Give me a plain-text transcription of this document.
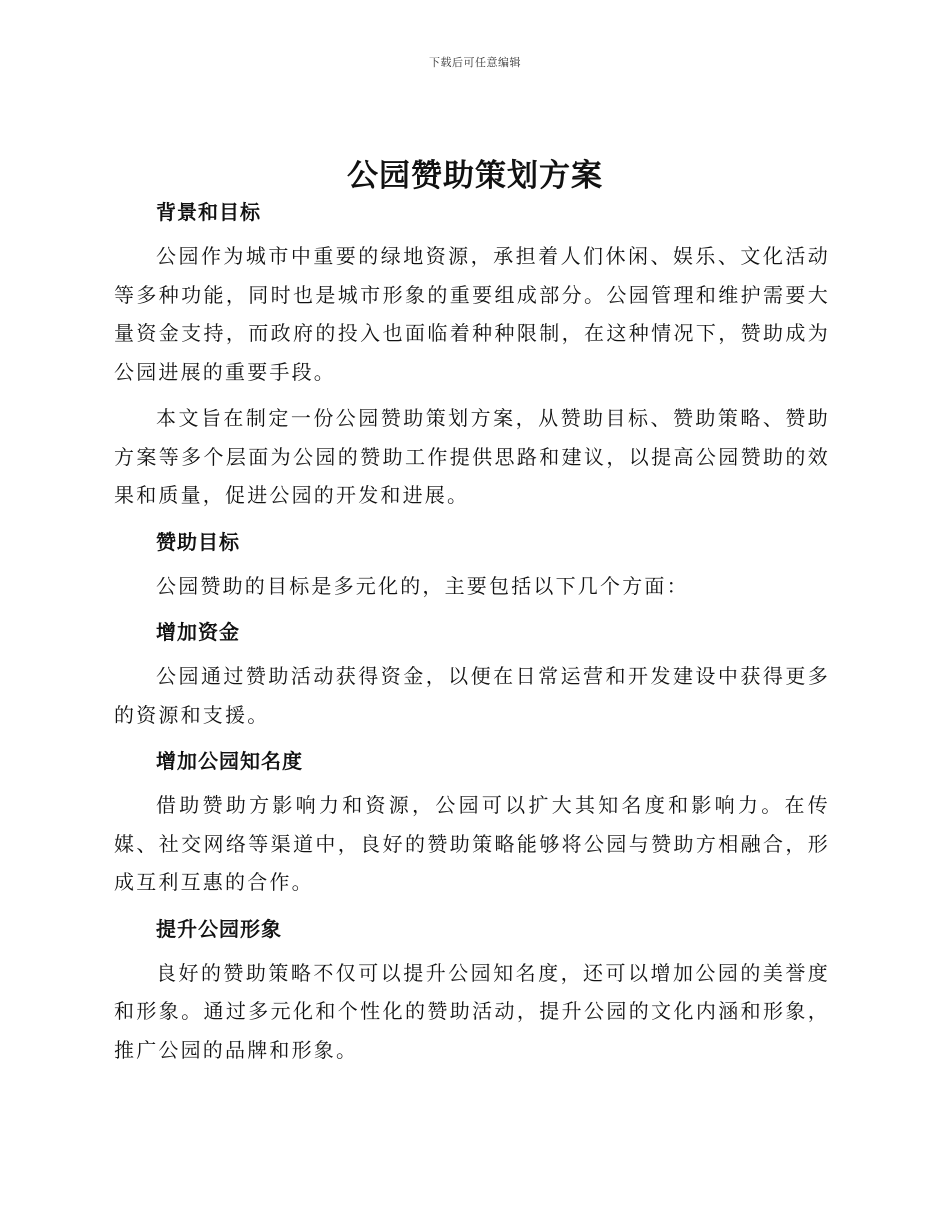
下载后可任意编辑
公园赞助策划方案
背景和目标

公园作为城市中重要的绿地资源，承担着人们休闲、娱乐、文化活动等多种功能，同时也是城市形象的重要组成部分。公园管理和维护需要大量资金支持，而政府的投入也面临着种种限制，在这种情况下，赞助成为公园进展的重要手段。

本文旨在制定一份公园赞助策划方案，从赞助目标、赞助策略、赞助方案等多个层面为公园的赞助工作提供思路和建议，以提高公园赞助的效果和质量，促进公园的开发和进展。

赞助目标

公园赞助的目标是多元化的，主要包括以下几个方面：

增加资金

公园通过赞助活动获得资金，以便在日常运营和开发建设中获得更多的资源和支援。

增加公园知名度

借助赞助方影响力和资源，公园可以扩大其知名度和影响力。在传媒、社交网络等渠道中，良好的赞助策略能够将公园与赞助方相融合，形成互利互惠的合作。

提升公园形象

良好的赞助策略不仅可以提升公园知名度，还可以增加公园的美誉度和形象。通过多元化和个性化的赞助活动，提升公园的文化内涵和形象，推广公园的品牌和形象。
